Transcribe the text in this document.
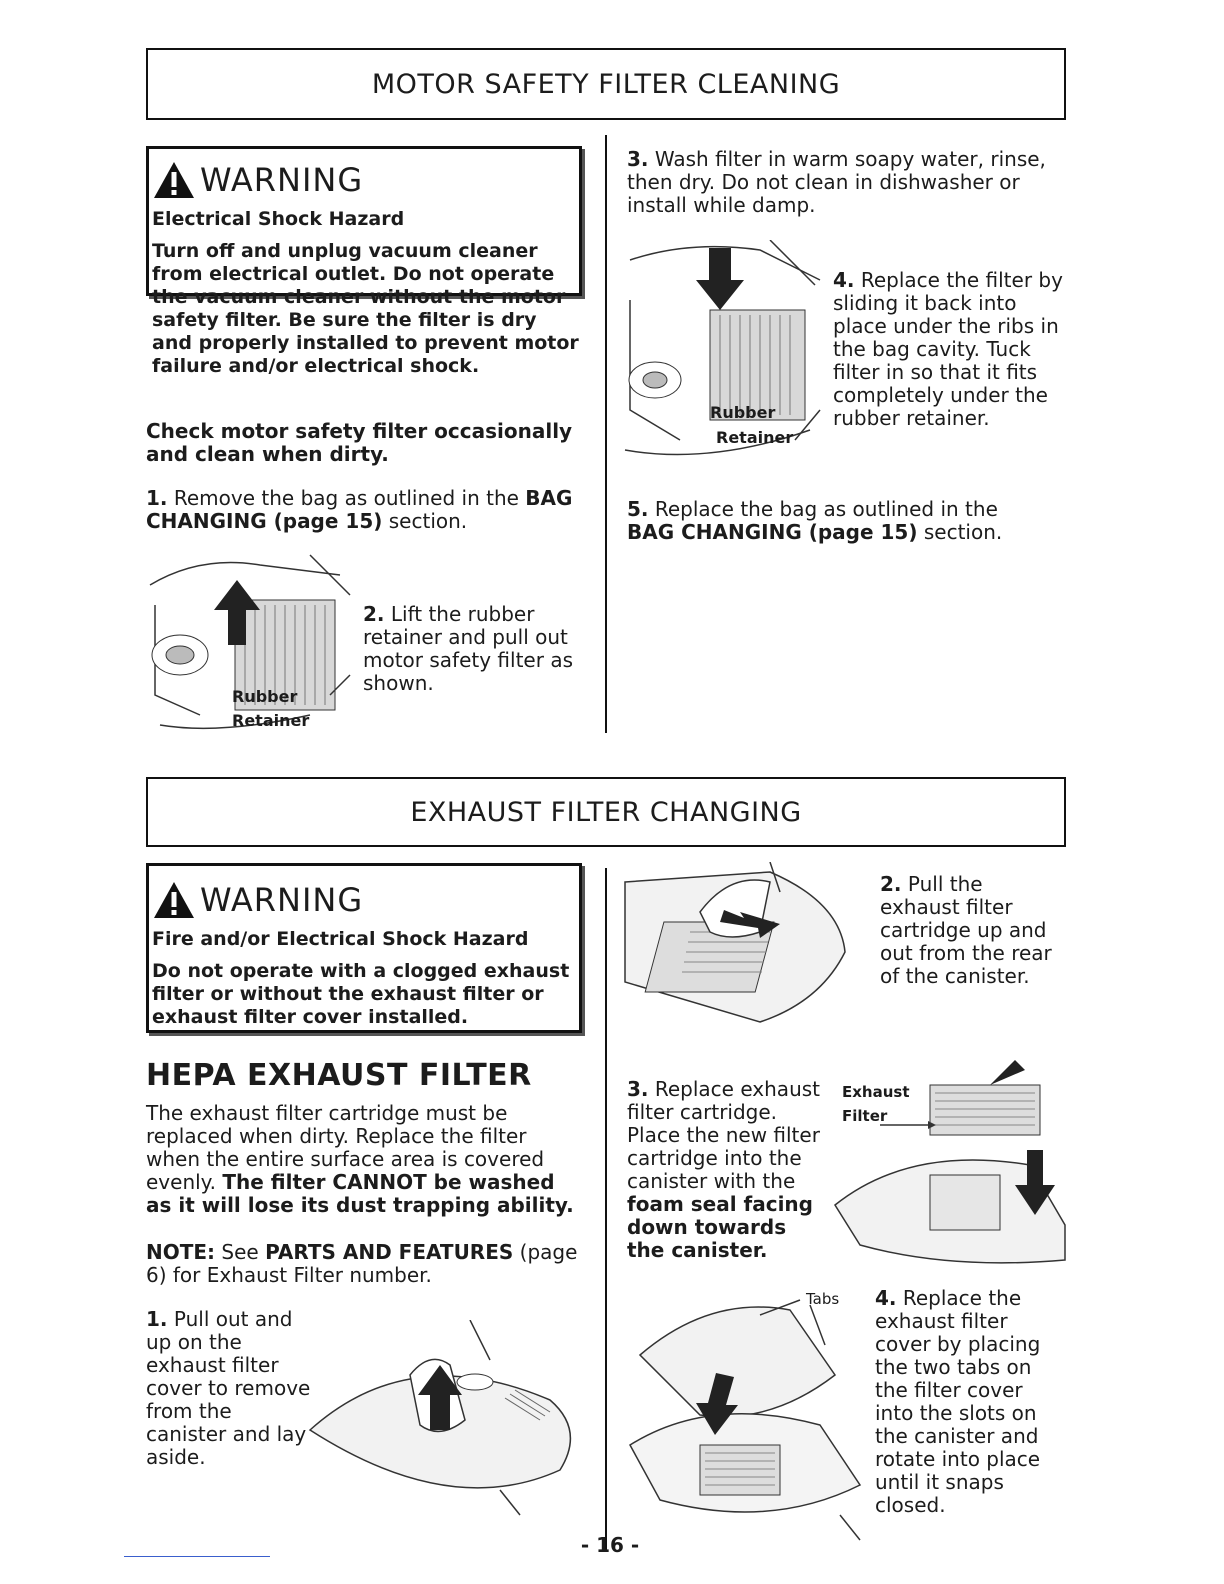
MOTOR SAFETY FILTER CLEANING
WARNING
Electrical Shock Hazard
Turn off and unplug vacuum cleaner from electrical outlet. Do not operate the vacuum cleaner without the motor safety filter. Be sure the filter is dry and properly installed to prevent motor failure and/or electrical shock.
Check motor safety filter occasionally and clean when dirty.
1. Remove the bag as outlined in the BAG CHANGING (page 15) section.
Rubber
Retainer
2. Lift the rubber retainer and pull out motor safety filter as shown.
3. Wash filter in warm soapy water, rinse, then dry. Do not clean in dishwasher or install while damp.
Rubber
Retainer
4. Replace the filter by sliding it back into place under the ribs in the bag cavity. Tuck filter in so that it fits completely under the rubber retainer.
5. Replace the bag as outlined in the BAG CHANGING (page 15) section.
EXHAUST FILTER CHANGING
WARNING
Fire and/or Electrical Shock Hazard
Do not operate with a clogged exhaust filter or without the exhaust filter or exhaust filter cover installed.
HEPA EXHAUST FILTER
The exhaust filter cartridge must be replaced when dirty. Replace the filter when the entire surface area is covered evenly. The filter CANNOT be washed as it will lose its dust trapping ability.
NOTE: See PARTS AND FEATURES (page 6) for Exhaust Filter number.
1. Pull out and up on the exhaust filter cover to remove from the canister and lay aside.
2. Pull the exhaust filter cartridge up and out from the rear of the canister.
3. Replace exhaust filter cartridge. Place the new filter cartridge into the canister with the foam seal facing down towards the canister.
Exhaust
Filter
Tabs 4. Replace the exhaust filter cover by placing the two tabs on the filter cover into the slots on the canister and rotate into place until it snaps closed.
- 16 -
